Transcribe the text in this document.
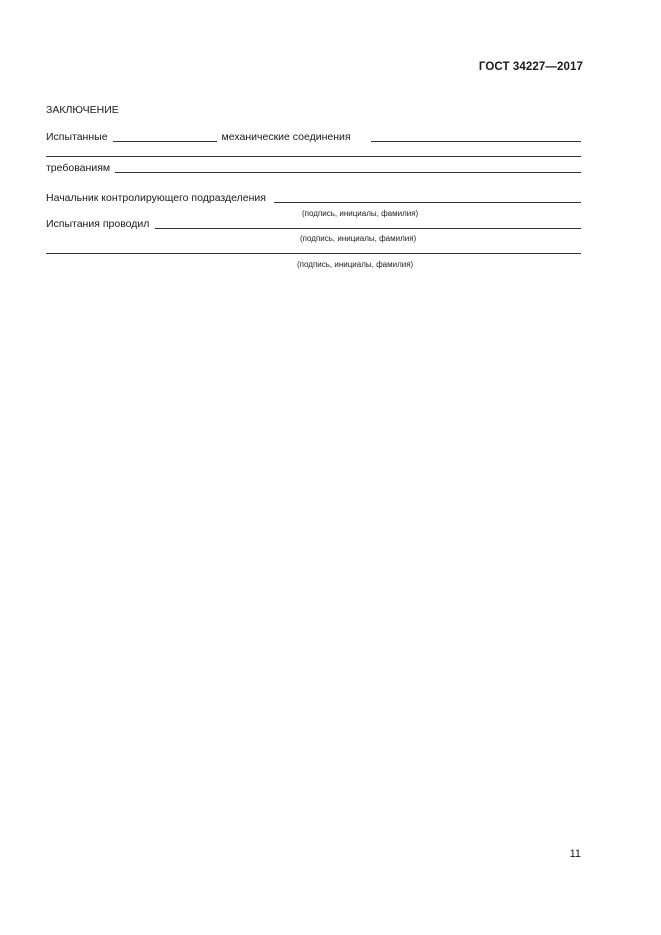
ГОСТ 34227—2017
ЗАКЛЮЧЕНИЕ
Испытанные	механические соединения
требованиям
Начальник контролирующего подразделения
(подпись, инициалы, фамилия)
Испытания проводил
(подпись, инициалы, фамилия)
(подпись, инициалы, фамилия)
11
